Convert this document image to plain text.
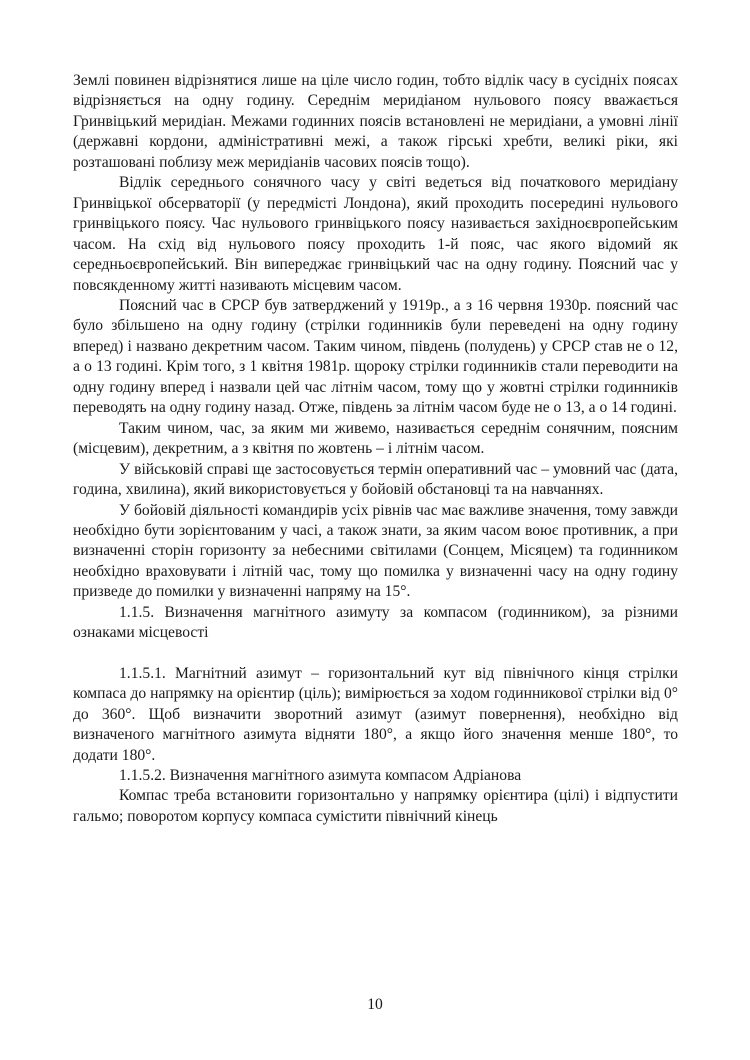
Землі повинен відрізнятися лише на ціле число годин, тобто відлік часу в сусідніх поясах відрізняється на одну годину. Середнім меридіаном нульового поясу вважається Гринвіцький меридіан. Межами годинних поясів встановлені не меридіани, а умовні лінії (державні кордони, адміністративні межі, а також гірські хребти, великі ріки, які розташовані поблизу меж меридіанів часових поясів тощо).

Відлік середнього сонячного часу у світі ведеться від початкового меридіану Гринвіцької обсерваторії (у передмісті Лондона), який проходить посередині нульового гринвіцького поясу. Час нульового гринвіцького поясу називається західноєвропейським часом. На схід від нульового поясу проходить 1-й пояс, час якого відомий як середньоєвропейський. Він випереджає гринвіцький час на одну годину. Поясний час у повсякденному житті називають місцевим часом.

Поясний час в СРСР був затверджений у 1919р., а з 16 червня 1930р. поясний час було збільшено на одну годину (стрілки годинників були переведені на одну годину вперед) і названо декретним часом. Таким чином, південь (полудень) у СРСР став не о 12, а о 13 годині. Крім того, з 1 квітня 1981р. щороку стрілки годинників стали переводити на одну годину вперед і назвали цей час літнім часом, тому що у жовтні стрілки годинників переводять на одну годину назад. Отже, південь за літнім часом буде не о 13, а о 14 годині.

Таким чином, час, за яким ми живемо, називається середнім сонячним, поясним (місцевим), декретним, а з квітня по жовтень – і літнім часом.

У військовій справі ще застосовується термін оперативний час – умовний час (дата, година, хвилина), який використовується у бойовій обстановці та на навчаннях.

У бойовій діяльності командирів усіх рівнів час має важливе значення, тому завжди необхідно бути зорієнтованим у часі, а також знати, за яким часом воює противник, а при визначенні сторін горизонту за небесними світилами (Сонцем, Місяцем) та годинником необхідно враховувати і літній час, тому що помилка у визначенні часу на одну годину призведе до помилки у визначенні напряму на 15°.

1.1.5. Визначення магнітного азимуту за компасом (годинником), за різними ознаками місцевості

1.1.5.1. Магнітний азимут – горизонтальний кут від північного кінця стрілки компаса до напрямку на орієнтир (ціль); вимірюється за ходом годинникової стрілки від 0° до 360°. Щоб визначити зворотний азимут (азимут повернення), необхідно від визначеного магнітного азимута відняти 180°, а якщо його значення менше 180°, то додати 180°.

1.1.5.2. Визначення магнітного азимута компасом Адріанова

Компас треба встановити горизонтально у напрямку орієнтира (цілі) і відпустити гальмо; поворотом корпусу компаса сумістити північний кінець

10
